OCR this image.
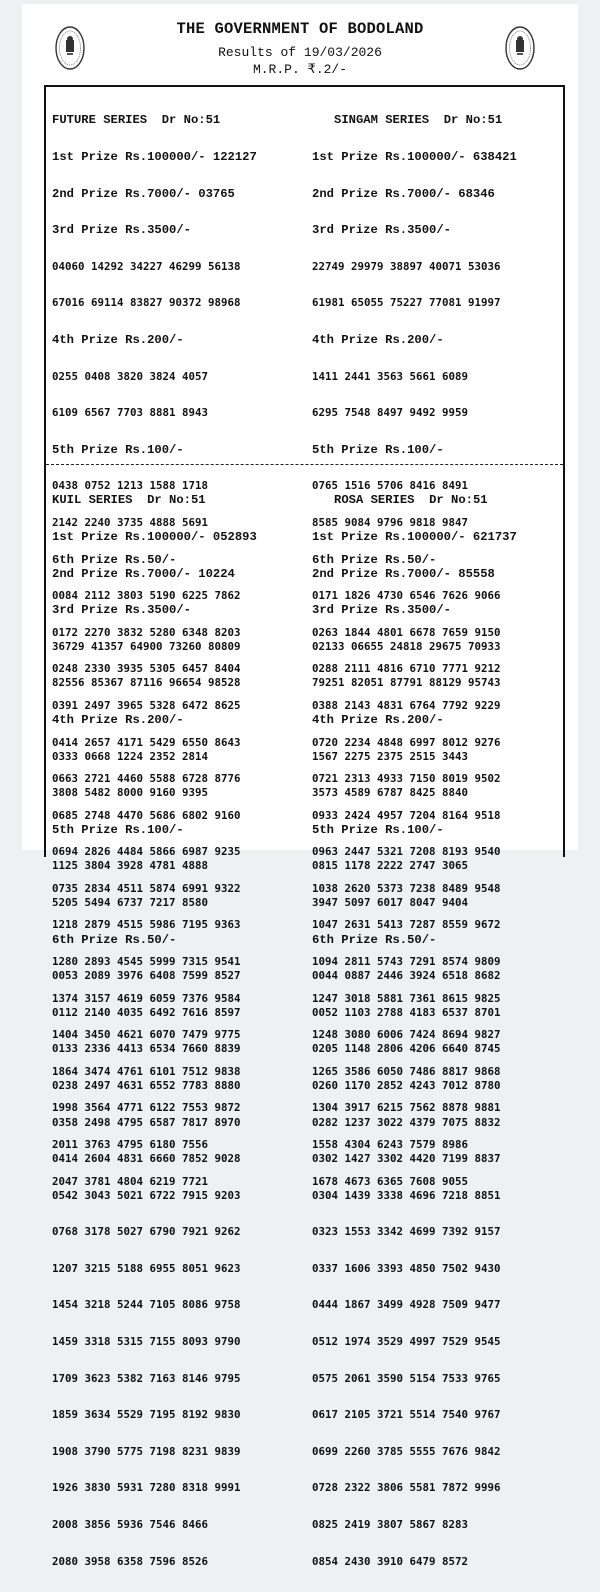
THE GOVERNMENT OF BODOLAND
Results of 19/03/2026
M.R.P. ₹.2/-

FUTURE SERIES  Dr No:51

1st Prize Rs.100000/- 122127

2nd Prize Rs.7000/- 03765

3rd Prize Rs.3500/-

04060 14292 34227 46299 56138

67016 69114 83827 90372 98968

4th Prize Rs.200/-

0255 0408 3820 3824 4057

6109 6567 7703 8881 8943

5th Prize Rs.100/-

0438 0752 1213 1588 1718

2142 2240 3735 4888 5691

6th Prize Rs.50/-

0084 2112 3803 5190 6225 7862

0172 2270 3832 5280 6348 8203

0248 2330 3935 5305 6457 8404

0391 2497 3965 5328 6472 8625

0414 2657 4171 5429 6550 8643

0663 2721 4460 5588 6728 8776

0685 2748 4470 5686 6802 9160

0694 2826 4484 5866 6987 9235

0735 2834 4511 5874 6991 9322

1218 2879 4515 5986 7195 9363

1280 2893 4545 5999 7315 9541

1374 3157 4619 6059 7376 9584

1404 3450 4621 6070 7479 9775

1864 3474 4761 6101 7512 9838

1998 3564 4771 6122 7553 9872

2011 3763 4795 6180 7556

2047 3781 4804 6219 7721

SINGAM SERIES  Dr No:51

1st Prize Rs.100000/- 638421

2nd Prize Rs.7000/- 68346

3rd Prize Rs.3500/-

22749 29979 38897 40071 53036

61981 65055 75227 77081 91997

4th Prize Rs.200/-

1411 2441 3563 5661 6089

6295 7548 8497 9492 9959

5th Prize Rs.100/-

0765 1516 5706 8416 8491

8585 9084 9796 9818 9847

6th Prize Rs.50/-

0171 1826 4730 6546 7626 9066

0263 1844 4801 6678 7659 9150

0288 2111 4816 6710 7771 9212

0388 2143 4831 6764 7792 9229

0720 2234 4848 6997 8012 9276

0721 2313 4933 7150 8019 9502

0933 2424 4957 7204 8164 9518

0963 2447 5321 7208 8193 9540

1038 2620 5373 7238 8489 9548

1047 2631 5413 7287 8559 9672

1094 2811 5743 7291 8574 9809

1247 3018 5881 7361 8615 9825

1248 3080 6006 7424 8694 9827

1265 3586 6050 7486 8817 9868

1304 3917 6215 7562 8878 9881

1558 4304 6243 7579 8986

1678 4673 6365 7608 9055

KUIL SERIES  Dr No:51

1st Prize Rs.100000/- 052893

2nd Prize Rs.7000/- 10224

3rd Prize Rs.3500/-

36729 41357 64900 73260 80809

82556 85367 87116 96654 98528

4th Prize Rs.200/-

0333 0668 1224 2352 2814

3808 5482 8000 9160 9395

5th Prize Rs.100/-

1125 3804 3928 4781 4888

5205 5494 6737 7217 8580

6th Prize Rs.50/-

0053 2089 3976 6408 7599 8527

0112 2140 4035 6492 7616 8597

0133 2336 4413 6534 7660 8839

0238 2497 4631 6552 7783 8880

0358 2498 4795 6587 7817 8970

0414 2604 4831 6660 7852 9028

0542 3043 5021 6722 7915 9203

0768 3178 5027 6790 7921 9262

1207 3215 5188 6955 8051 9623

1454 3218 5244 7105 8086 9758

1459 3318 5315 7155 8093 9790

1709 3623 5382 7163 8146 9795

1859 3634 5529 7195 8192 9830

1908 3790 5775 7198 8231 9839

1926 3830 5931 7280 8318 9991

2008 3856 5936 7546 8466

2080 3958 6358 7596 8526

ROSA SERIES  Dr No:51

1st Prize Rs.100000/- 621737

2nd Prize Rs.7000/- 85558

3rd Prize Rs.3500/-

02133 06655 24818 29675 70933

79251 82051 87791 88129 95743

4th Prize Rs.200/-

1567 2275 2375 2515 3443

3573 4589 6787 8425 8840

5th Prize Rs.100/-

0815 1178 2222 2747 3065

3947 5097 6017 8047 9404

6th Prize Rs.50/-

0044 0887 2446 3924 6518 8682

0052 1103 2788 4183 6537 8701

0205 1148 2806 4206 6640 8745

0260 1170 2852 4243 7012 8780

0282 1237 3022 4379 7075 8832

0302 1427 3302 4420 7199 8837

0304 1439 3338 4696 7218 8851

0323 1553 3342 4699 7392 9157

0337 1606 3393 4850 7502 9430

0444 1867 3499 4928 7509 9477

0512 1974 3529 4997 7529 9545

0575 2061 3590 5154 7533 9765

0617 2105 3721 5514 7540 9767

0699 2260 3785 5555 7676 9842

0728 2322 3806 5581 7872 9996

0825 2419 3807 5867 8283

0854 2430 3910 6479 8572
